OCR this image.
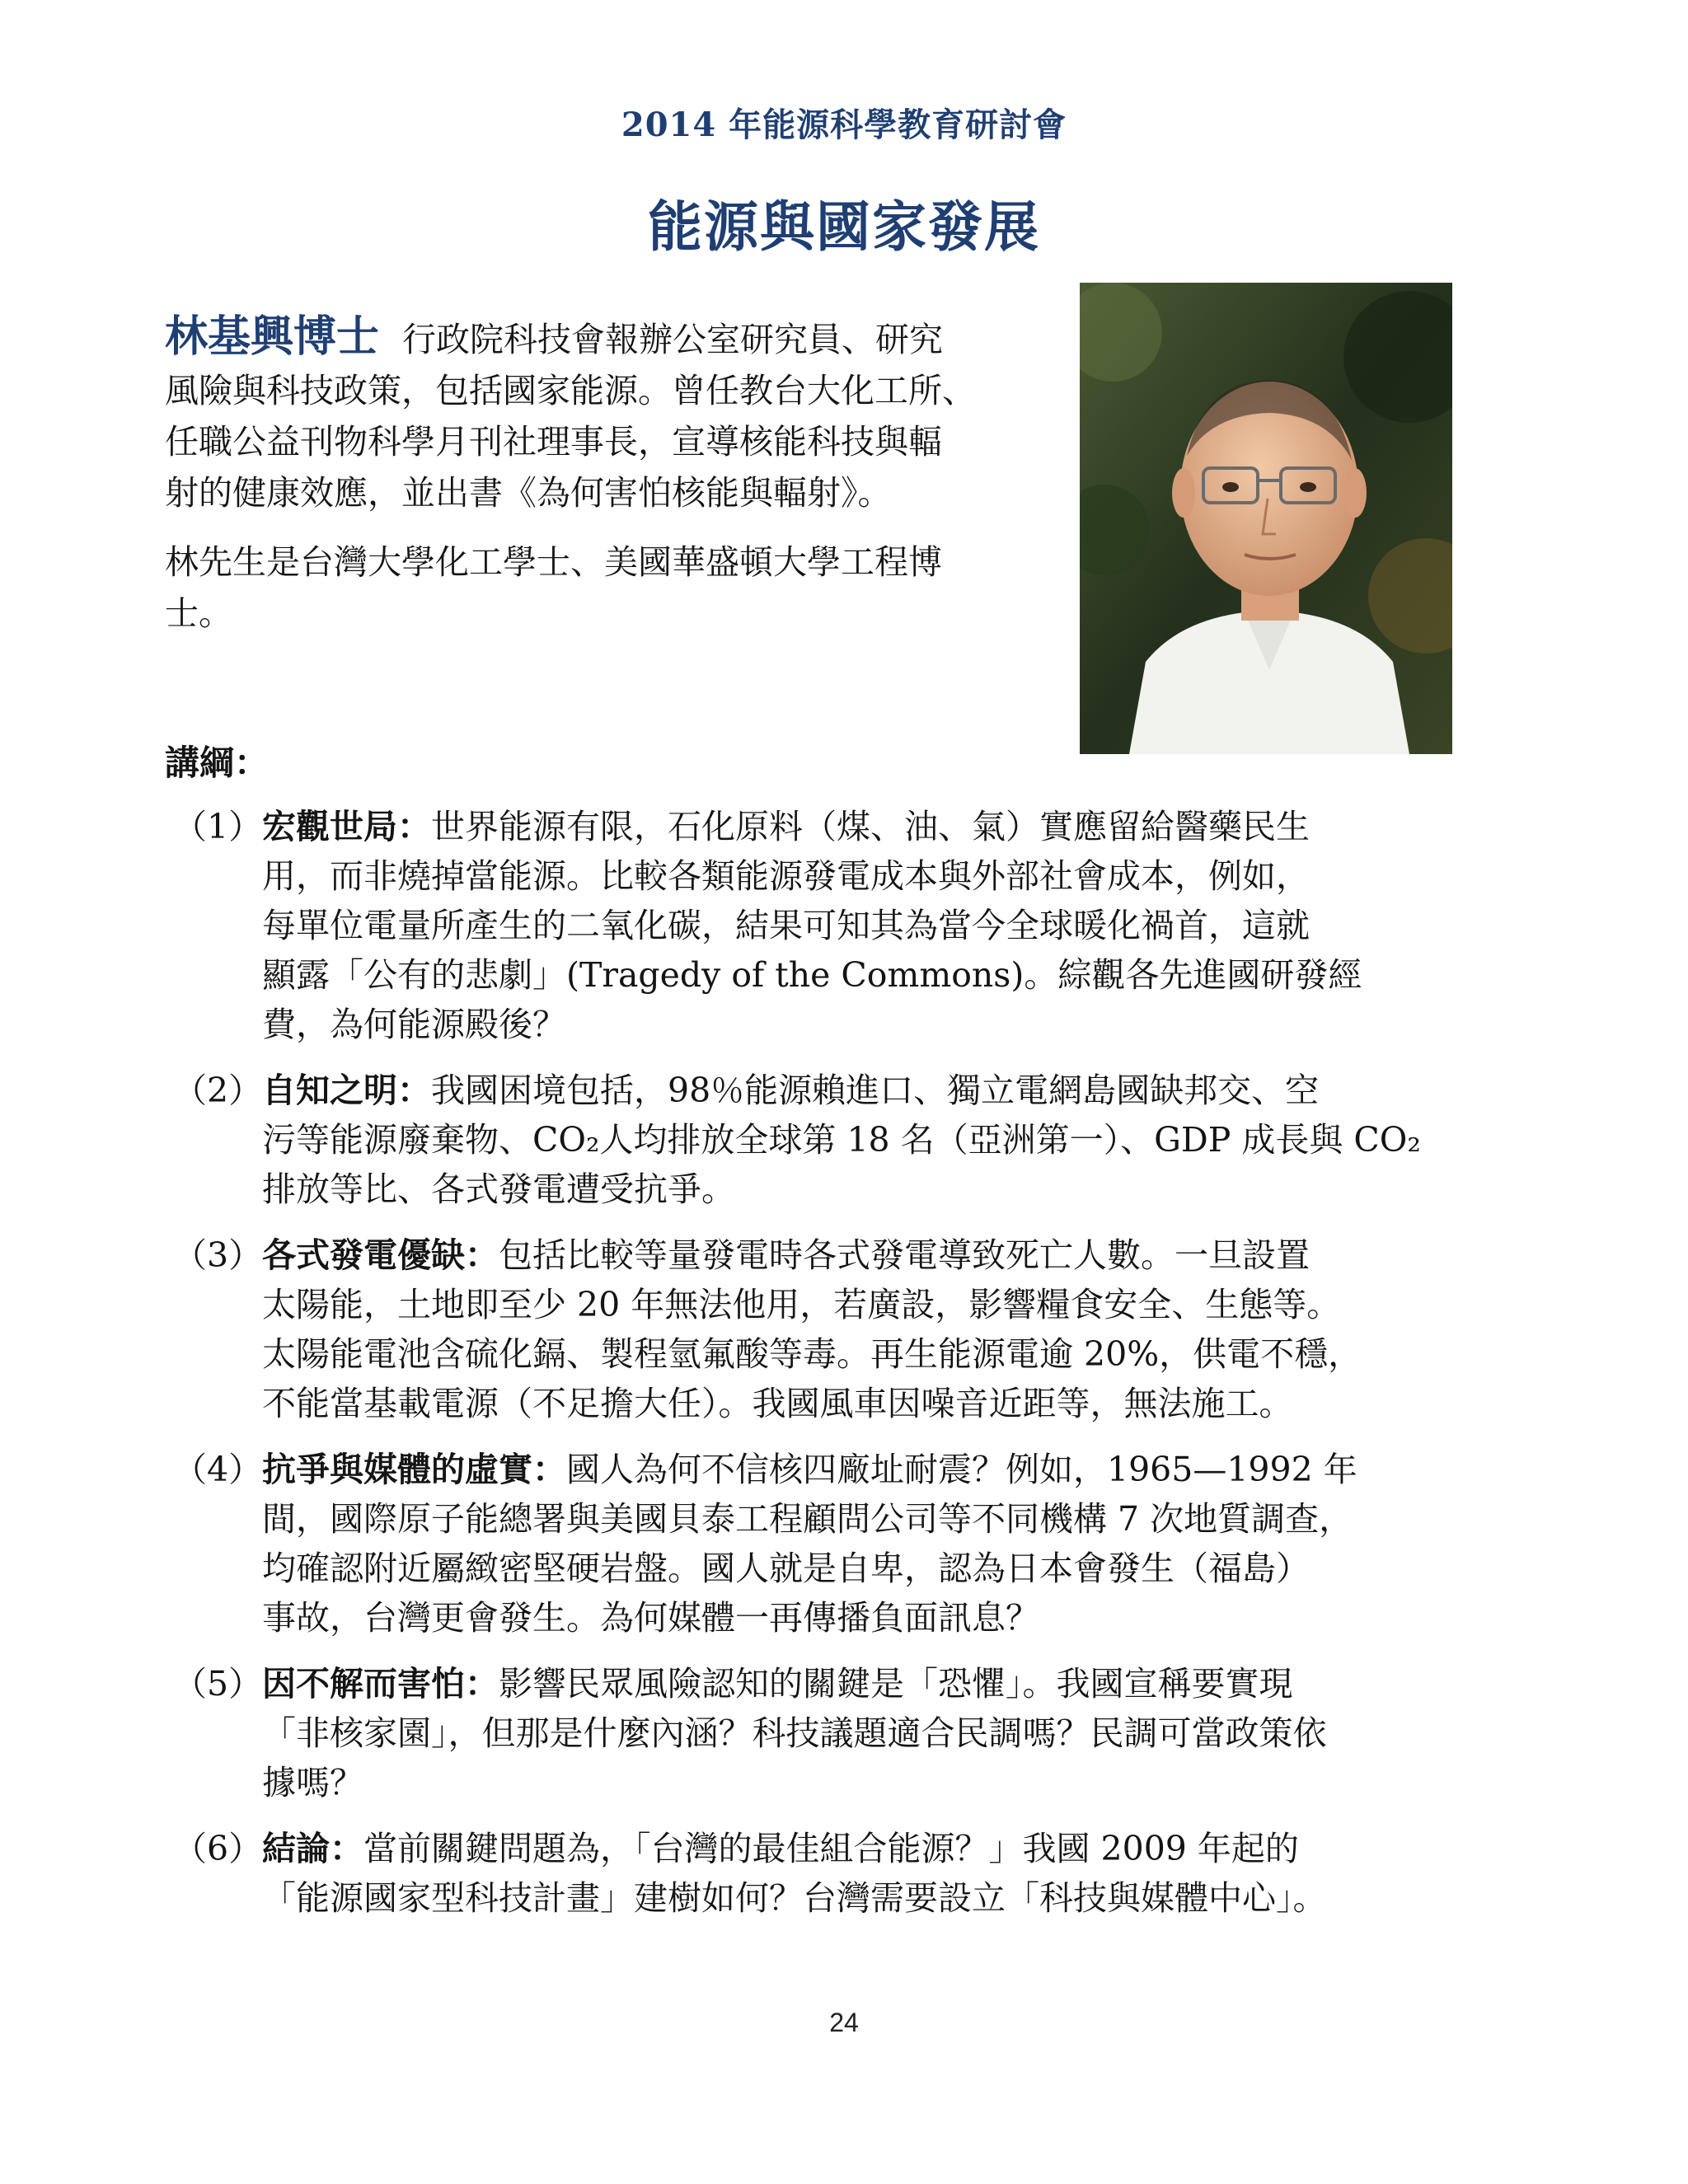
2014 年能源科學教育研討會
能源與國家發展

林基興博士 行政院科技會報辦公室研究員、研究
風險與科技政策，包括國家能源。曾任教台大化工所、
任職公益刊物科學月刊社理事長，宣導核能科技與輻
射的健康效應，並出書《為何害怕核能與輻射》。

林先生是台灣大學化工學士、美國華盛頓大學工程博
士。

講綱：
（1） 宏觀世局：世界能源有限，石化原料（煤、油、氣）實應留給醫藥民生
用，而非燒掉當能源。比較各類能源發電成本與外部社會成本，例如，
每單位電量所產生的二氧化碳，結果可知其為當今全球暖化禍首，這就
顯露「公有的悲劇」(Tragedy of the Commons)。綜觀各先進國研發經
費，為何能源殿後？
（2） 自知之明：我國困境包括，98％能源賴進口、獨立電網島國缺邦交、空
污等能源廢棄物、CO₂人均排放全球第 18 名（亞洲第一）、GDP 成長與 CO₂
排放等比、各式發電遭受抗爭。
（3） 各式發電優缺：包括比較等量發電時各式發電導致死亡人數。一旦設置
太陽能，土地即至少 20 年無法他用，若廣設，影響糧食安全、生態等。
太陽能電池含硫化鎘、製程氫氟酸等毒。再生能源電逾 20%，供電不穩，
不能當基載電源（不足擔大任）。我國風車因噪音近距等，無法施工。
（4） 抗爭與媒體的虛實：國人為何不信核四廠址耐震？例如，1965—1992 年
間，國際原子能總署與美國貝泰工程顧問公司等不同機構 7 次地質調查，
均確認附近屬緻密堅硬岩盤。國人就是自卑，認為日本會發生（福島）
事故，台灣更會發生。為何媒體一再傳播負面訊息？
（5） 因不解而害怕：影響民眾風險認知的關鍵是「恐懼」。我國宣稱要實現
「非核家園」，但那是什麼內涵？科技議題適合民調嗎？民調可當政策依
據嗎？
（6） 結論：當前關鍵問題為，「台灣的最佳組合能源？」我國 2009 年起的
「能源國家型科技計畫」建樹如何？台灣需要設立「科技與媒體中心」。
24
